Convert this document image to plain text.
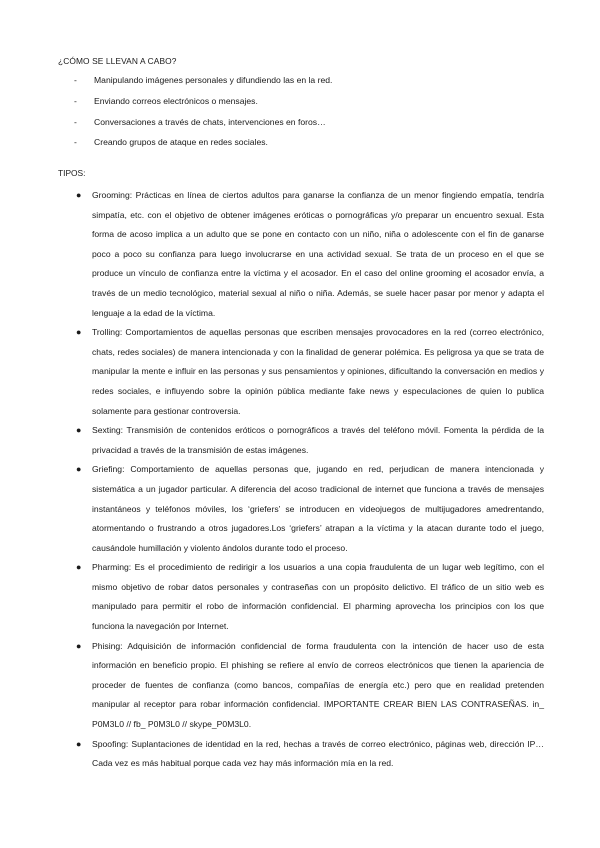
¿CÓMO SE LLEVAN A CABO?
-	Manipulando imágenes personales y difundiendo las en la red.
-	Enviando correos electrónicos o mensajes.
-	Conversaciones a través de chats, intervenciones en foros…
-	Creando grupos de ataque en redes sociales.
TIPOS:
●	Grooming: Prácticas en línea de ciertos adultos para ganarse la confianza de un menor fingiendo empatía, tendría simpatía, etc. con el objetivo de obtener imágenes eróticas o pornográficas y/o preparar un encuentro sexual. Esta forma de acoso implica a un adulto que se pone en contacto con un niño, niña o adolescente con el fin de ganarse poco a poco su confianza para luego involucrarse en una actividad sexual. Se trata de un proceso en el que se produce un vínculo de confianza entre la víctima y el acosador. En el caso del online grooming el acosador envía, a través de un medio tecnológico, material sexual al niño o niña. Además, se suele hacer pasar por menor y adapta el lenguaje a la edad de la víctima.
●	Trolling: Comportamientos de aquellas personas que escriben mensajes provocadores en la red (correo electrónico, chats, redes sociales) de manera intencionada y con la finalidad de generar polémica. Es peligrosa ya que se trata de manipular la mente e influir en las personas y sus pensamientos y opiniones, dificultando la conversación en medios y redes sociales, e influyendo sobre la opinión pública mediante fake news y especulaciones de quien lo publica solamente para gestionar controversia.
●	Sexting: Transmisión de contenidos eróticos o pornográficos a través del teléfono móvil. Fomenta la pérdida de la privacidad a través de la transmisión de estas imágenes.
●	Griefing: Comportamiento de aquellas personas que, jugando en red, perjudican de manera intencionada y sistemática a un jugador particular. A diferencia del acoso tradicional de internet que funciona a través de mensajes instantáneos y teléfonos móviles, los ‘griefers’ se introducen en videojuegos de multijugadores amedrentando, atormentando o frustrando a otros jugadores.Los ‘griefers’ atrapan a la víctima y la atacan durante todo el juego, causándole humillación y violento ándolos durante todo el proceso.
●	Pharming: Es el procedimiento de redirigir a los usuarios a una copia fraudulenta de un lugar web legítimo, con el mismo objetivo de robar datos personales y contraseñas con un propósito delictivo. El tráfico de un sitio web es manipulado para permitir el robo de información confidencial. El pharming aprovecha los principios con los que funciona la navegación por Internet.
●	Phising: Adquisición de información confidencial de forma fraudulenta con la intención de hacer uso de esta información en beneficio propio. El phishing se refiere al envío de correos electrónicos que tienen la apariencia de proceder de fuentes de confianza (como bancos, compañías de energía etc.) pero que en realidad pretenden manipular al receptor para robar información confidencial. IMPORTANTE CREAR BIEN LAS CONTRASEÑAS. in_ P0M3L0 // fb_ P0M3L0 // skype_P0M3L0.
●	Spoofing: Suplantaciones de identidad en la red, hechas a través de correo electrónico, páginas web, dirección IP… Cada vez es más habitual porque cada vez hay más información mía en la red.
